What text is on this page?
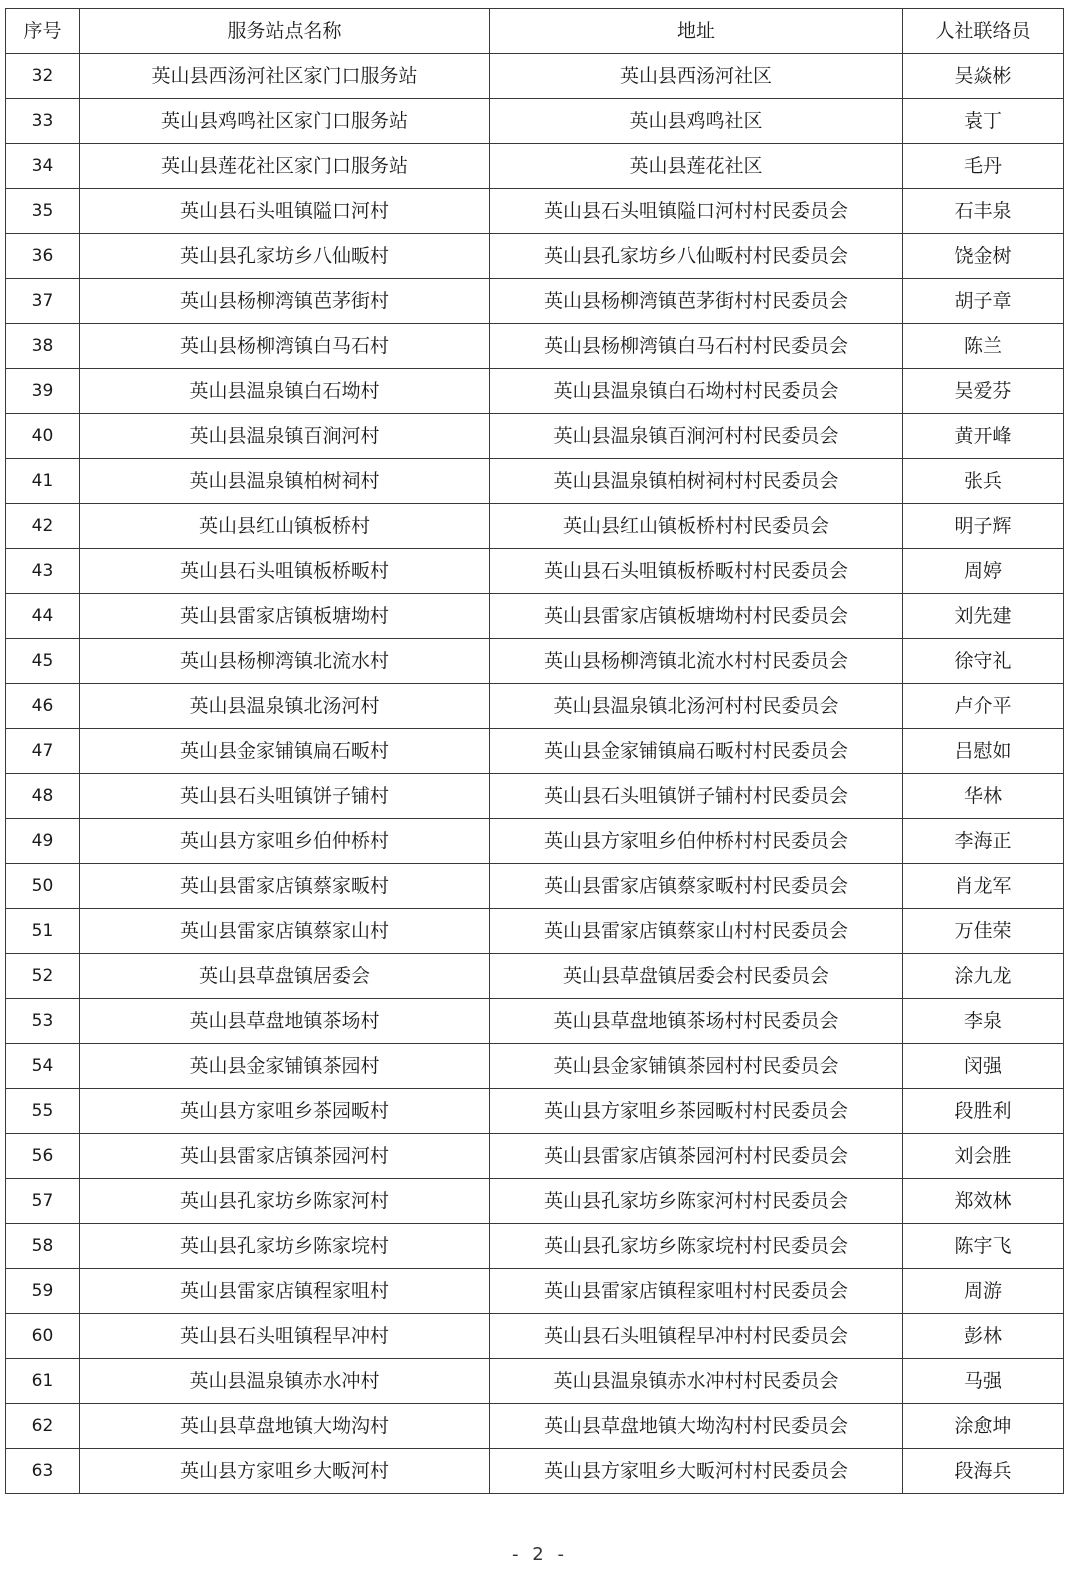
序号	服务站点名称	地址	人社联络员
32	英山县西汤河社区家门口服务站	英山县西汤河社区	吴焱彬
33	英山县鸡鸣社区家门口服务站	英山县鸡鸣社区	袁丁
34	英山县莲花社区家门口服务站	英山县莲花社区	毛丹
35	英山县石头咀镇隘口河村	英山县石头咀镇隘口河村村民委员会	石丰泉
36	英山县孔家坊乡八仙畈村	英山县孔家坊乡八仙畈村村民委员会	饶金树
37	英山县杨柳湾镇芭茅街村	英山县杨柳湾镇芭茅街村村民委员会	胡子章
38	英山县杨柳湾镇白马石村	英山县杨柳湾镇白马石村村民委员会	陈兰
39	英山县温泉镇白石坳村	英山县温泉镇白石坳村村民委员会	吴爱芬
40	英山县温泉镇百涧河村	英山县温泉镇百涧河村村民委员会	黄开峰
41	英山县温泉镇柏树祠村	英山县温泉镇柏树祠村村民委员会	张兵
42	英山县红山镇板桥村	英山县红山镇板桥村村民委员会	明子辉
43	英山县石头咀镇板桥畈村	英山县石头咀镇板桥畈村村民委员会	周婷
44	英山县雷家店镇板塘坳村	英山县雷家店镇板塘坳村村民委员会	刘先建
45	英山县杨柳湾镇北流水村	英山县杨柳湾镇北流水村村民委员会	徐守礼
46	英山县温泉镇北汤河村	英山县温泉镇北汤河村村民委员会	卢介平
47	英山县金家铺镇扁石畈村	英山县金家铺镇扁石畈村村民委员会	吕慰如
48	英山县石头咀镇饼子铺村	英山县石头咀镇饼子铺村村民委员会	华林
49	英山县方家咀乡伯仲桥村	英山县方家咀乡伯仲桥村村民委员会	李海正
50	英山县雷家店镇蔡家畈村	英山县雷家店镇蔡家畈村村民委员会	肖龙军
51	英山县雷家店镇蔡家山村	英山县雷家店镇蔡家山村村民委员会	万佳荣
52	英山县草盘镇居委会	英山县草盘镇居委会村民委员会	涂九龙
53	英山县草盘地镇茶场村	英山县草盘地镇茶场村村民委员会	李泉
54	英山县金家铺镇茶园村	英山县金家铺镇茶园村村民委员会	闵强
55	英山县方家咀乡茶园畈村	英山县方家咀乡茶园畈村村民委员会	段胜利
56	英山县雷家店镇茶园河村	英山县雷家店镇茶园河村村民委员会	刘会胜
57	英山县孔家坊乡陈家河村	英山县孔家坊乡陈家河村村民委员会	郑效林
58	英山县孔家坊乡陈家垸村	英山县孔家坊乡陈家垸村村民委员会	陈宇飞
59	英山县雷家店镇程家咀村	英山县雷家店镇程家咀村村民委员会	周游
60	英山县石头咀镇程早冲村	英山县石头咀镇程早冲村村民委员会	彭林
61	英山县温泉镇赤水冲村	英山县温泉镇赤水冲村村民委员会	马强
62	英山县草盘地镇大坳沟村	英山县草盘地镇大坳沟村村民委员会	涂愈坤
63	英山县方家咀乡大畈河村	英山县方家咀乡大畈河村村民委员会	段海兵
- 2 -
